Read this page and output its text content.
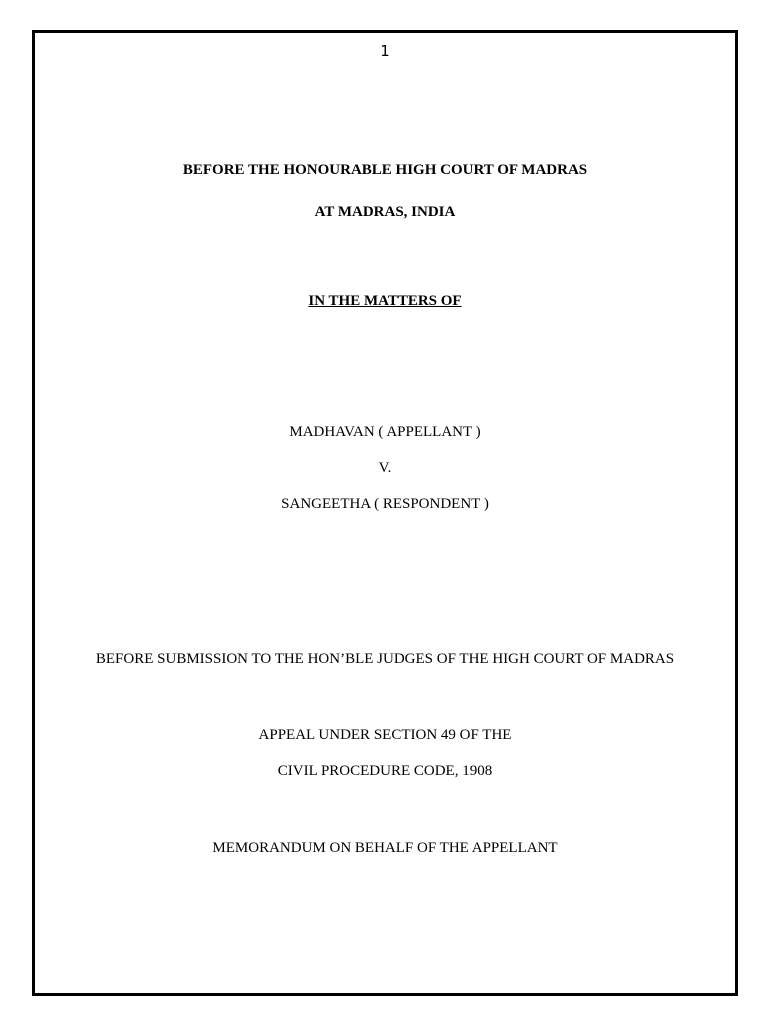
1
BEFORE THE HONOURABLE HIGH COURT OF MADRAS
AT MADRAS, INDIA
IN THE MATTERS OF
MADHAVAN ( APPELLANT )
V.
SANGEETHA ( RESPONDENT )
BEFORE SUBMISSION TO THE HON’BLE JUDGES OF THE HIGH COURT OF MADRAS
APPEAL UNDER SECTION 49 OF THE
CIVIL PROCEDURE CODE, 1908
MEMORANDUM ON BEHALF OF THE APPELLANT
